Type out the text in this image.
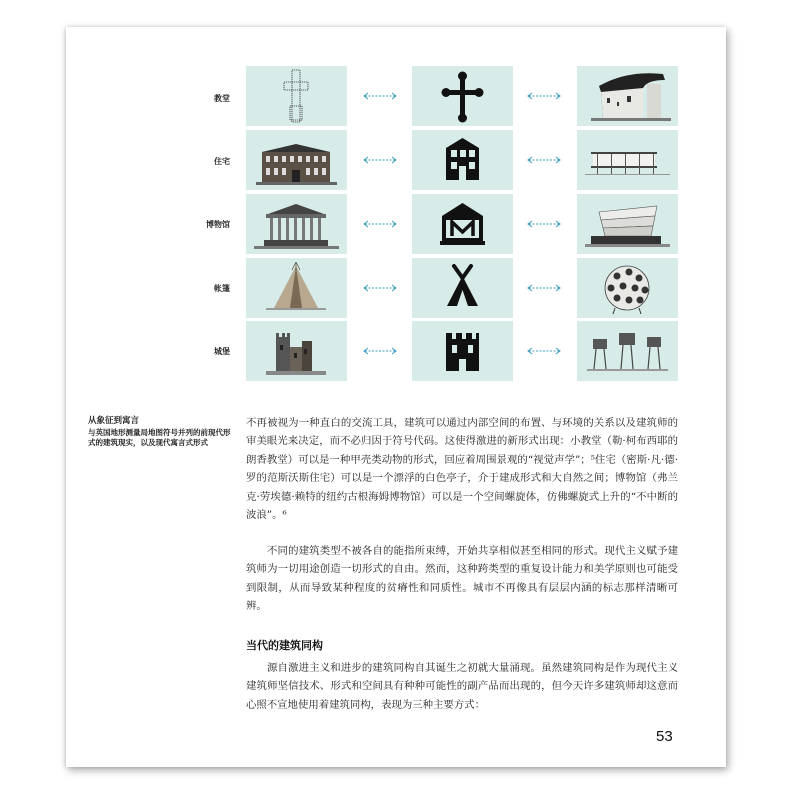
教堂
住宅
博物馆
帐篷
城堡
从象征到寓言
与英国地形测量局地图符号并列的前现代形式的建筑现实，以及现代寓言式形式
不再被视为一种直白的交流工具，建筑可以通过内部空间的布置、与环境的关系以及建筑师的审美眼光来决定，而不必归因于符号代码。这使得激进的新形式出现：小教堂（勒·柯布西耶的朗香教堂）可以是一种甲壳类动物的形式，回应着周围景观的“视觉声学”；⁵住宅（密斯·凡·德·罗的范斯沃斯住宅）可以是一个漂浮的白色亭子，介于建成形式和大自然之间；博物馆（弗兰克·劳埃德·赖特的纽约古根海姆博物馆）可以是一个空间螺旋体，仿佛螺旋式上升的“不中断的波浪”。⁶
不同的建筑类型不被各自的能指所束缚，开始共享相似甚至相同的形式。现代主义赋予建筑师为一切用途创造一切形式的自由。然而，这种跨类型的重复设计能力和美学原则也可能受到限制，从而导致某种程度的贫瘠性和同质性。城市不再像具有层层内涵的标志那样清晰可辨。
当代的建筑同构
源自激进主义和进步的建筑同构自其诞生之初就大量涌现。虽然建筑同构是作为现代主义建筑师坚信技术、形式和空间具有种种可能性的副产品而出现的，但今天许多建筑师却这意而心照不宣地使用着建筑同构，表现为三种主要方式：
53
